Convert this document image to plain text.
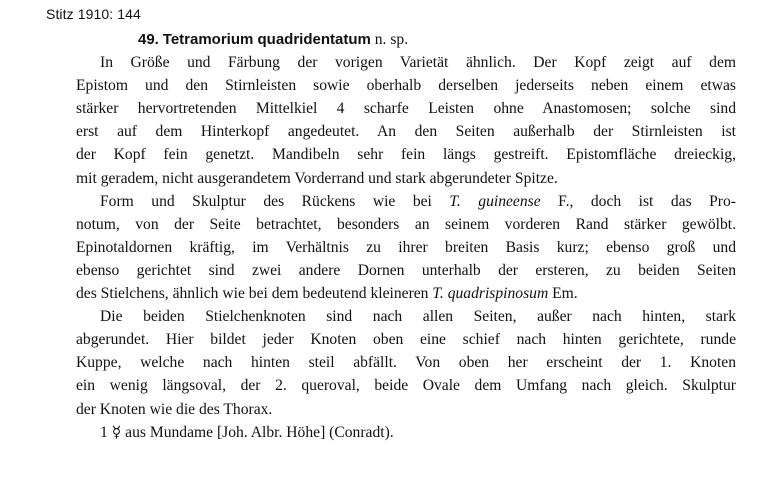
Stitz 1910: 144

49. Tetramorium quadridentatum n. sp.

In Größe und Färbung der vorigen Varietät ähnlich. Der Kopf zeigt auf dem
Epistom und den Stirnleisten sowie oberhalb derselben jederseits neben einem etwas
stärker hervortretenden Mittelkiel 4 scharfe Leisten ohne Anastomosen; solche sind
erst auf dem Hinterkopf angedeutet. An den Seiten außerhalb der Stirnleisten ist
der Kopf fein genetzt. Mandibeln sehr fein längs gestreift. Epistomfläche dreieckig,
mit geradem, nicht ausgerandetem Vorderrand und stark abgerundeter Spitze.
Form und Skulptur des Rückens wie bei T. guineense F., doch ist das Pro-
notum, von der Seite betrachtet, besonders an seinem vorderen Rand stärker gewölbt.
Epinotaldornen kräftig, im Verhältnis zu ihrer breiten Basis kurz; ebenso groß und
ebenso gerichtet sind zwei andere Dornen unterhalb der ersteren, zu beiden Seiten
des Stielchens, ähnlich wie bei dem bedeutend kleineren T. quadrispinosum Em.
Die beiden Stielchenknoten sind nach allen Seiten, außer nach hinten, stark
abgerundet. Hier bildet jeder Knoten oben eine schief nach hinten gerichtete, runde
Kuppe, welche nach hinten steil abfällt. Von oben her erscheint der 1. Knoten
ein wenig längsoval, der 2. queroval, beide Ovale dem Umfang nach gleich. Skulptur
der Knoten wie die des Thorax.
1 ☿ aus Mundame [Joh. Albr. Höhe] (Conradt).
